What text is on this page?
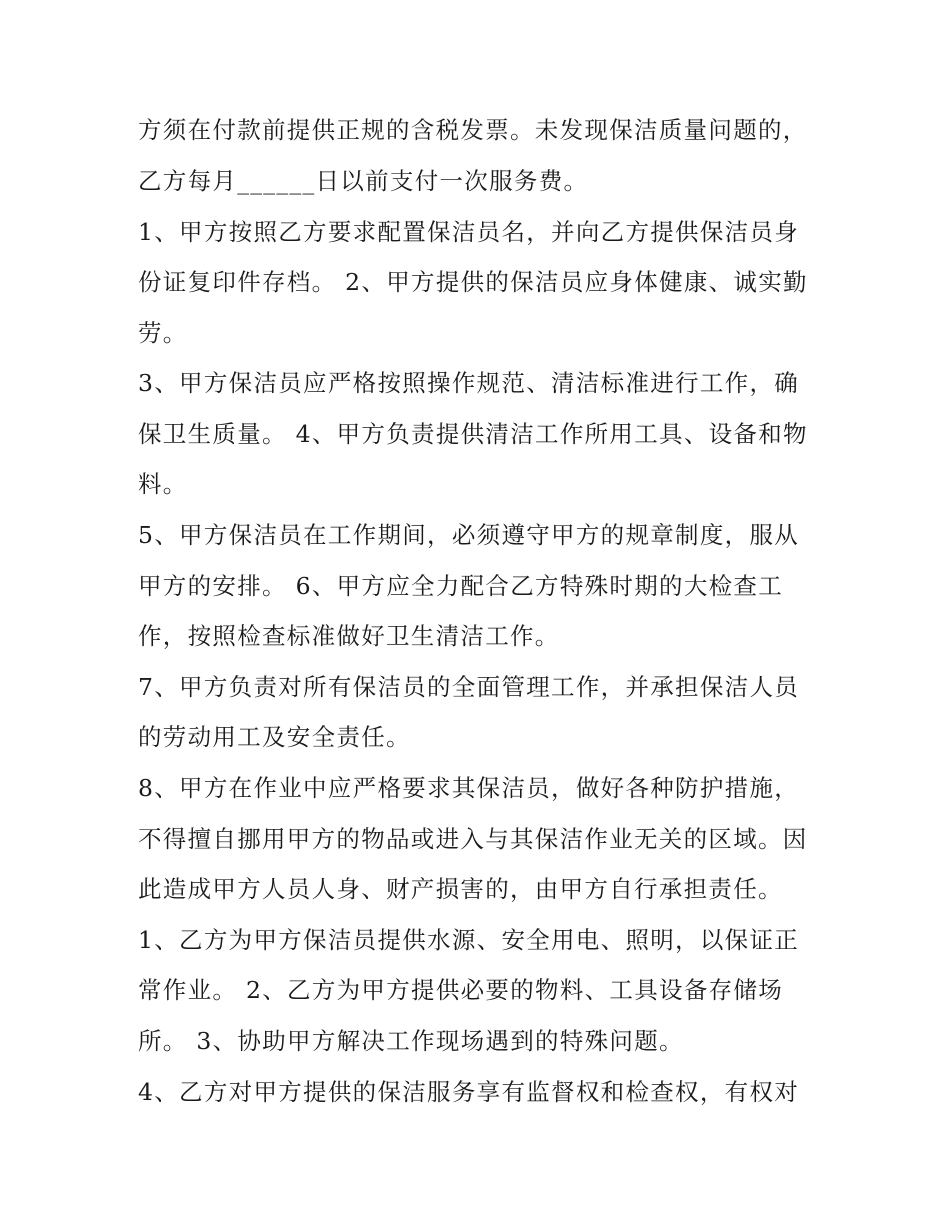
方须在付款前提供正规的含税发票。未发现保洁质量问题的，
乙方每月______日以前支付一次服务费。
1、甲方按照乙方要求配置保洁员名，并向乙方提供保洁员身
份证复印件存档。 2、甲方提供的保洁员应身体健康、诚实勤
劳。
3、甲方保洁员应严格按照操作规范、清洁标准进行工作，确
保卫生质量。 4、甲方负责提供清洁工作所用工具、设备和物
料。
5、甲方保洁员在工作期间，必须遵守甲方的规章制度，服从
甲方的安排。 6、甲方应全力配合乙方特殊时期的大检查工
作，按照检查标准做好卫生清洁工作。
7、甲方负责对所有保洁员的全面管理工作，并承担保洁人员
的劳动用工及安全责任。
8、甲方在作业中应严格要求其保洁员，做好各种防护措施，
不得擅自挪用甲方的物品或进入与其保洁作业无关的区域。因
此造成甲方人员人身、财产损害的，由甲方自行承担责任。
1、乙方为甲方保洁员提供水源、安全用电、照明，以保证正
常作业。 2、乙方为甲方提供必要的物料、工具设备存储场
所。 3、协助甲方解决工作现场遇到的特殊问题。
4、乙方对甲方提供的保洁服务享有监督权和检查权，有权对
